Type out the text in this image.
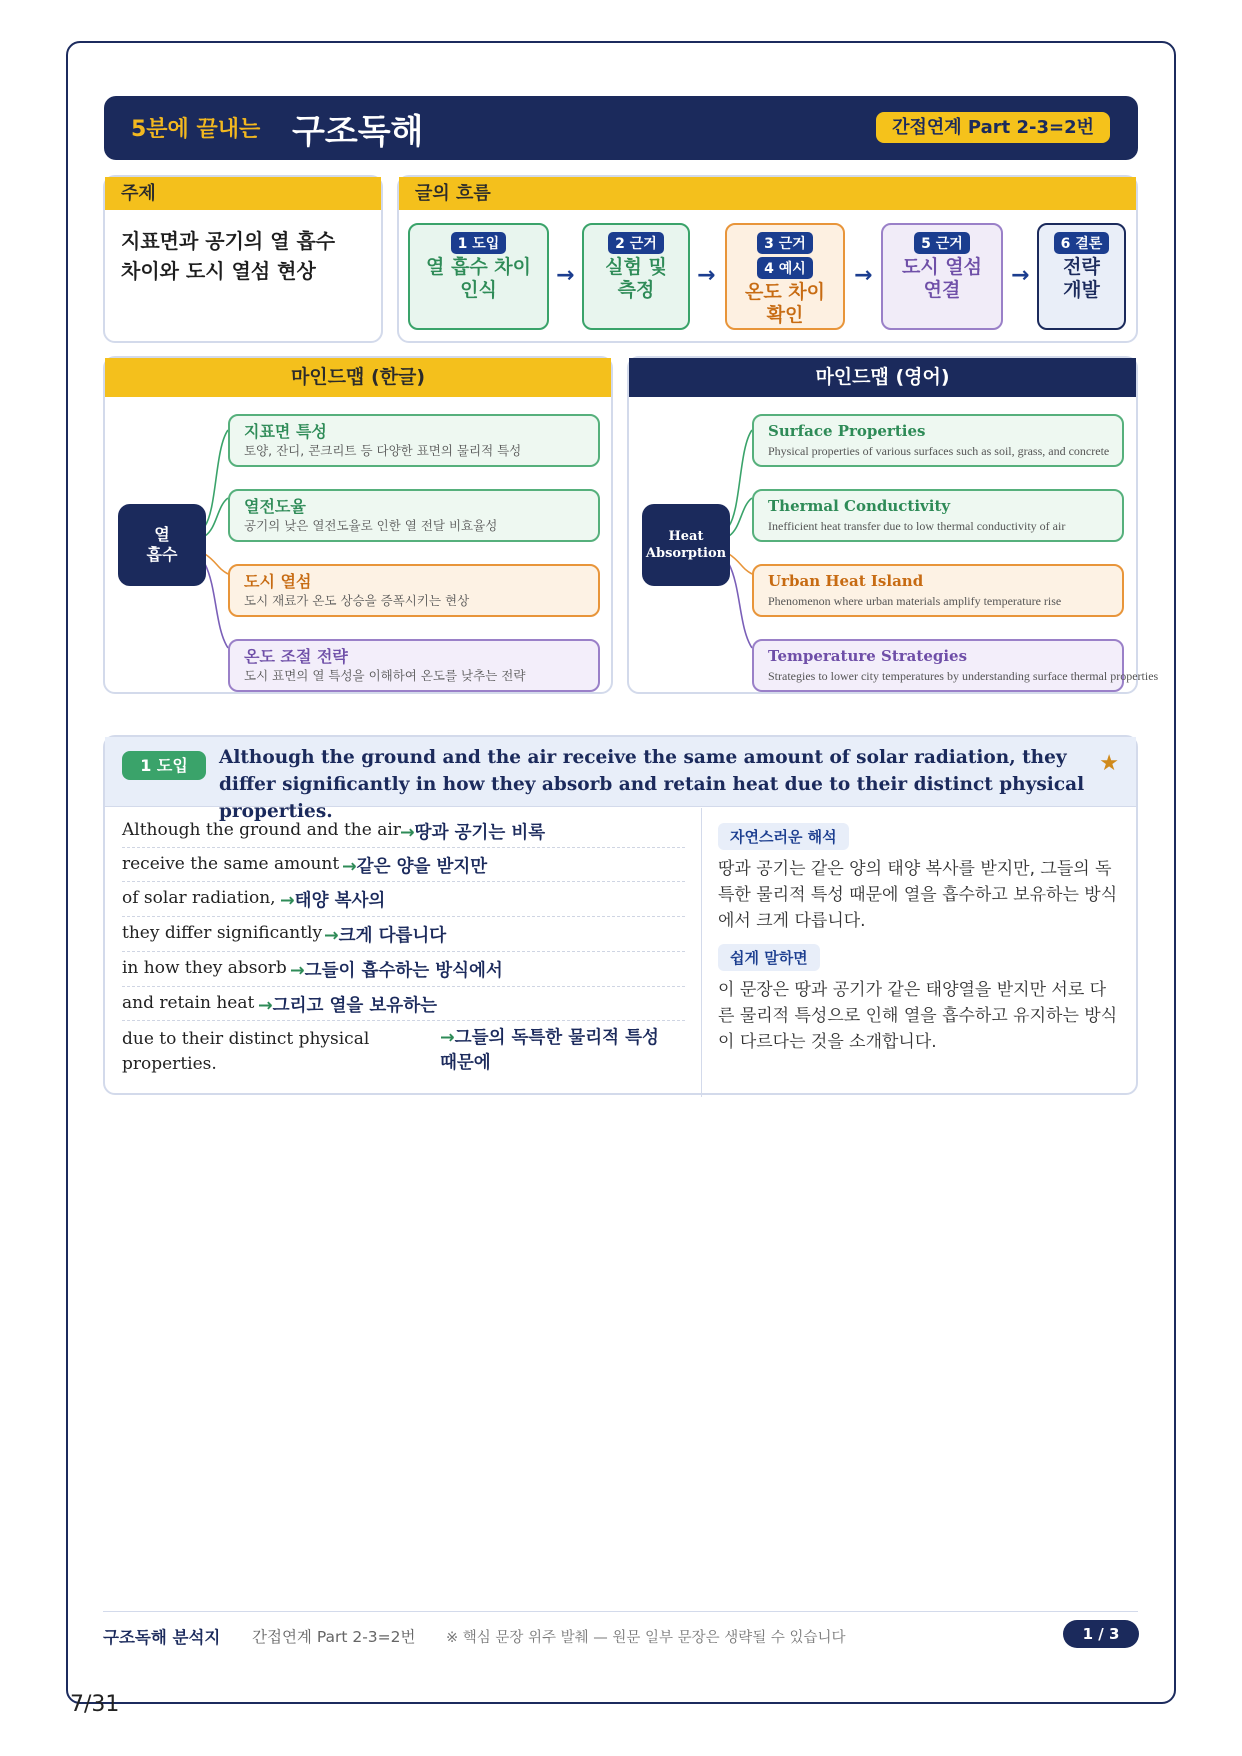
5분에 끝내는 구조독해	간접연계 Part 2-3=2번
주제
지표면과 공기의 열 흡수
차이와 도시 열섬 현상
글의 흐름
1 도입
열 흡수 차이
인식
→
2 근거
실험 및
측정
→
3 근거
4 예시
온도 차이
확인
→
5 근거
도시 열섬
연결
→
6 결론
전략
개발
마인드맵 (한글)
열
흡수
지표면 특성
토양, 잔디, 콘크리트 등 다양한 표면의 물리적 특성
열전도율
공기의 낮은 열전도율로 인한 열 전달 비효율성
도시 열섬
도시 재료가 온도 상승을 증폭시키는 현상
온도 조절 전략
도시 표면의 열 특성을 이해하여 온도를 낮추는 전략
마인드맵 (영어)
Heat
Absorption
Surface Properties
Physical properties of various surfaces such as soil, grass, and concrete
Thermal Conductivity
Inefficient heat transfer due to low thermal conductivity of air
Urban Heat Island
Phenomenon where urban materials amplify temperature rise
Temperature Strategies
Strategies to lower city temperatures by understanding surface thermal properties
1 도입	Although the ground and the air receive the same amount of solar radiation, they differ significantly in how they absorb and retain heat due to their distinct physical properties.
★
Although the ground and the air →땅과 공기는 비록
receive the same amount →같은 양을 받지만
of solar radiation, →태양 복사의
they differ significantly →크게 다릅니다
in how they absorb →그들이 흡수하는 방식에서
and retain heat →그리고 열을 보유하는
due to their distinct physical properties.
→그들의 독특한 물리적 특성 때문에
자연스러운 해석
땅과 공기는 같은 양의 태양 복사를 받지만, 그들의 독특한 물리적 특성 때문에 열을 흡수하고 보유하는 방식에서 크게 다릅니다.
쉽게 말하면
이 문장은 땅과 공기가 같은 태양열을 받지만 서로 다른 물리적 특성으로 인해 열을 흡수하고 유지하는 방식이 다르다는 것을 소개합니다.
구조독해 분석지 간접연계 Part 2-3=2번 ※ 핵심 문장 위주 발췌 — 원문 일부 문장은 생략될 수 있습니다	1 / 3
7/31
